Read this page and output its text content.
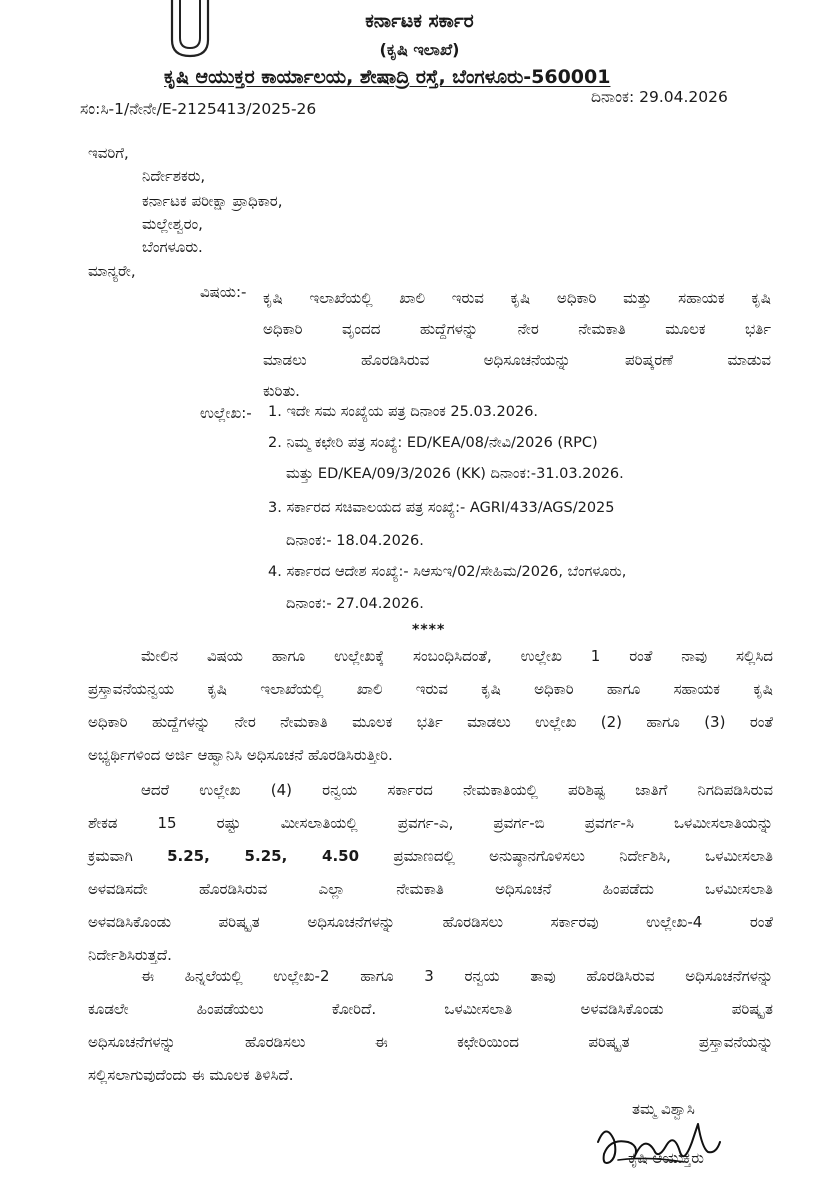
ಕರ್ನಾಟಕ ಸರ್ಕಾರ
(ಕೃಷಿ ಇಲಾಖೆ)
ಕೃಷಿ ಆಯುಕ್ತರ ಕಾರ್ಯಾಲಯ, ಶೇಷಾದ್ರಿ ರಸ್ತೆ, ಬೆಂಗಳೂರು-560001
ಸಂ:ಸಿ-1/ನೇನೇ/E-2125413/2025-26
ದಿನಾಂಕ: 29.04.2026
ಇವರಿಗೆ,
ನಿರ್ದೇಶಕರು,
ಕರ್ನಾಟಕ ಪರೀಕ್ಷಾ ಪ್ರಾಧಿಕಾರ,
ಮಲ್ಲೇಶ್ವರಂ,
ಬೆಂಗಳೂರು.
ಮಾನ್ಯರೇ,
ವಿಷಯ:- ಕೃಷಿ ಇಲಾಖೆಯಲ್ಲಿ ಖಾಲಿ ಇರುವ ಕೃಷಿ ಅಧಿಕಾರಿ ಮತ್ತು ಸಹಾಯಕ ಕೃಷಿ
ಅಧಿಕಾರಿ ವೃಂದದ ಹುದ್ದೆಗಳನ್ನು ನೇರ ನೇಮಕಾತಿ ಮೂಲಕ ಭರ್ತಿ
ಮಾಡಲು ಹೊರಡಿಸಿರುವ ಅಧಿಸೂಚನೆಯನ್ನು ಪರಿಷ್ಕರಣೆ ಮಾಡುವ
ಕುರಿತು.
ಉಲ್ಲೇಖ:- 1. ಇದೇ ಸಮ ಸಂಖ್ಯೆಯ ಪತ್ರ ದಿನಾಂಕ 25.03.2026.
2. ನಿಮ್ಮ ಕಛೇರಿ ಪತ್ರ ಸಂಖ್ಯೆ: ED/KEA/08/ನೇವಿ/2026 (RPC)
ಮತ್ತು ED/KEA/09/3/2026 (KK) ದಿನಾಂಕ:-31.03.2026.
3. ಸರ್ಕಾರದ ಸಚಿವಾಲಯದ ಪತ್ರ ಸಂಖ್ಯೆ:- AGRI/433/AGS/2025
ದಿನಾಂಕ:- 18.04.2026.
4. ಸರ್ಕಾರದ ಆದೇಶ ಸಂಖ್ಯೆ:- ಸಿಆಸುಇ/02/ಸೇಹಿಮ/2026, ಬೆಂಗಳೂರು,
ದಿನಾಂಕ:- 27.04.2026.
****
ಮೇಲಿನ ವಿಷಯ ಹಾಗೂ ಉಲ್ಲೇಖಕ್ಕೆ ಸಂಬಂಧಿಸಿದಂತೆ, ಉಲ್ಲೇಖ 1 ರಂತೆ ನಾವು ಸಲ್ಲಿಸಿದ
ಪ್ರಸ್ತಾವನೆಯನ್ವಯ ಕೃಷಿ ಇಲಾಖೆಯಲ್ಲಿ ಖಾಲಿ ಇರುವ ಕೃಷಿ ಅಧಿಕಾರಿ ಹಾಗೂ ಸಹಾಯಕ ಕೃಷಿ
ಅಧಿಕಾರಿ ಹುದ್ದೆಗಳನ್ನು ನೇರ ನೇಮಕಾತಿ ಮೂಲಕ ಭರ್ತಿ ಮಾಡಲು ಉಲ್ಲೇಖ (2) ಹಾಗೂ (3) ರಂತೆ
ಅಭ್ಯರ್ಥಿಗಳಿಂದ ಅರ್ಜಿ ಆಹ್ವಾನಿಸಿ ಅಧಿಸೂಚನೆ ಹೊರಡಿಸಿರುತ್ತೀರಿ.
ಆದರೆ ಉಲ್ಲೇಖ (4) ರನ್ವಯ ಸರ್ಕಾರದ ನೇಮಕಾತಿಯಲ್ಲಿ ಪರಿಶಿಷ್ಟ ಜಾತಿಗೆ ನಿಗದಿಪಡಿಸಿರುವ
ಶೇಕಡ 15 ರಷ್ಟು ಮೀಸಲಾತಿಯಲ್ಲಿ ಪ್ರವರ್ಗ-ಎ, ಪ್ರವರ್ಗ-ಬಿ ಪ್ರವರ್ಗ-ಸಿ ಒಳಮೀಸಲಾತಿಯನ್ನು
ಕ್ರಮವಾಗಿ 5.25, 5.25, 4.50 ಪ್ರಮಾಣದಲ್ಲಿ ಅನುಷ್ಠಾನಗೊಳಿಸಲು ನಿರ್ದೇಶಿಸಿ, ಒಳಮೀಸಲಾತಿ
ಅಳವಡಿಸದೇ ಹೊರಡಿಸಿರುವ ಎಲ್ಲಾ ನೇಮಕಾತಿ ಅಧಿಸೂಚನೆ ಹಿಂಪಡೆದು ಒಳಮೀಸಲಾತಿ
ಅಳವಡಿಸಿಕೊಂಡು ಪರಿಷ್ಕೃತ ಅಧಿಸೂಚನೆಗಳನ್ನು ಹೊರಡಿಸಲು ಸರ್ಕಾರವು ಉಲ್ಲೇಖ-4 ರಂತೆ
ನಿರ್ದೇಶಿಸಿರುತ್ತದೆ.
ಈ ಹಿನ್ನಲೆಯಲ್ಲಿ ಉಲ್ಲೇಖ-2 ಹಾಗೂ 3 ರನ್ವಯ ತಾವು ಹೊರಡಿಸಿರುವ ಅಧಿಸೂಚನೆಗಳನ್ನು
ಕೂಡಲೇ ಹಿಂಪಡೆಯಲು ಕೋರಿದೆ. ಒಳಮೀಸಲಾತಿ ಅಳವಡಿಸಿಕೊಂಡು ಪರಿಷ್ಕೃತ
ಅಧಿಸೂಚನೆಗಳನ್ನು ಹೊರಡಿಸಲು ಈ ಕಛೇರಿಯಿಂದ ಪರಿಷ್ಕೃತ ಪ್ರಸ್ತಾವನೆಯನ್ನು
ಸಲ್ಲಿಸಲಾಗುವುದೆಂದು ಈ ಮೂಲಕ ತಿಳಿಸಿದೆ.
ತಮ್ಮ ವಿಶ್ವಾಸಿ
ಕೃಷಿ ಆಯುಕ್ತರು
